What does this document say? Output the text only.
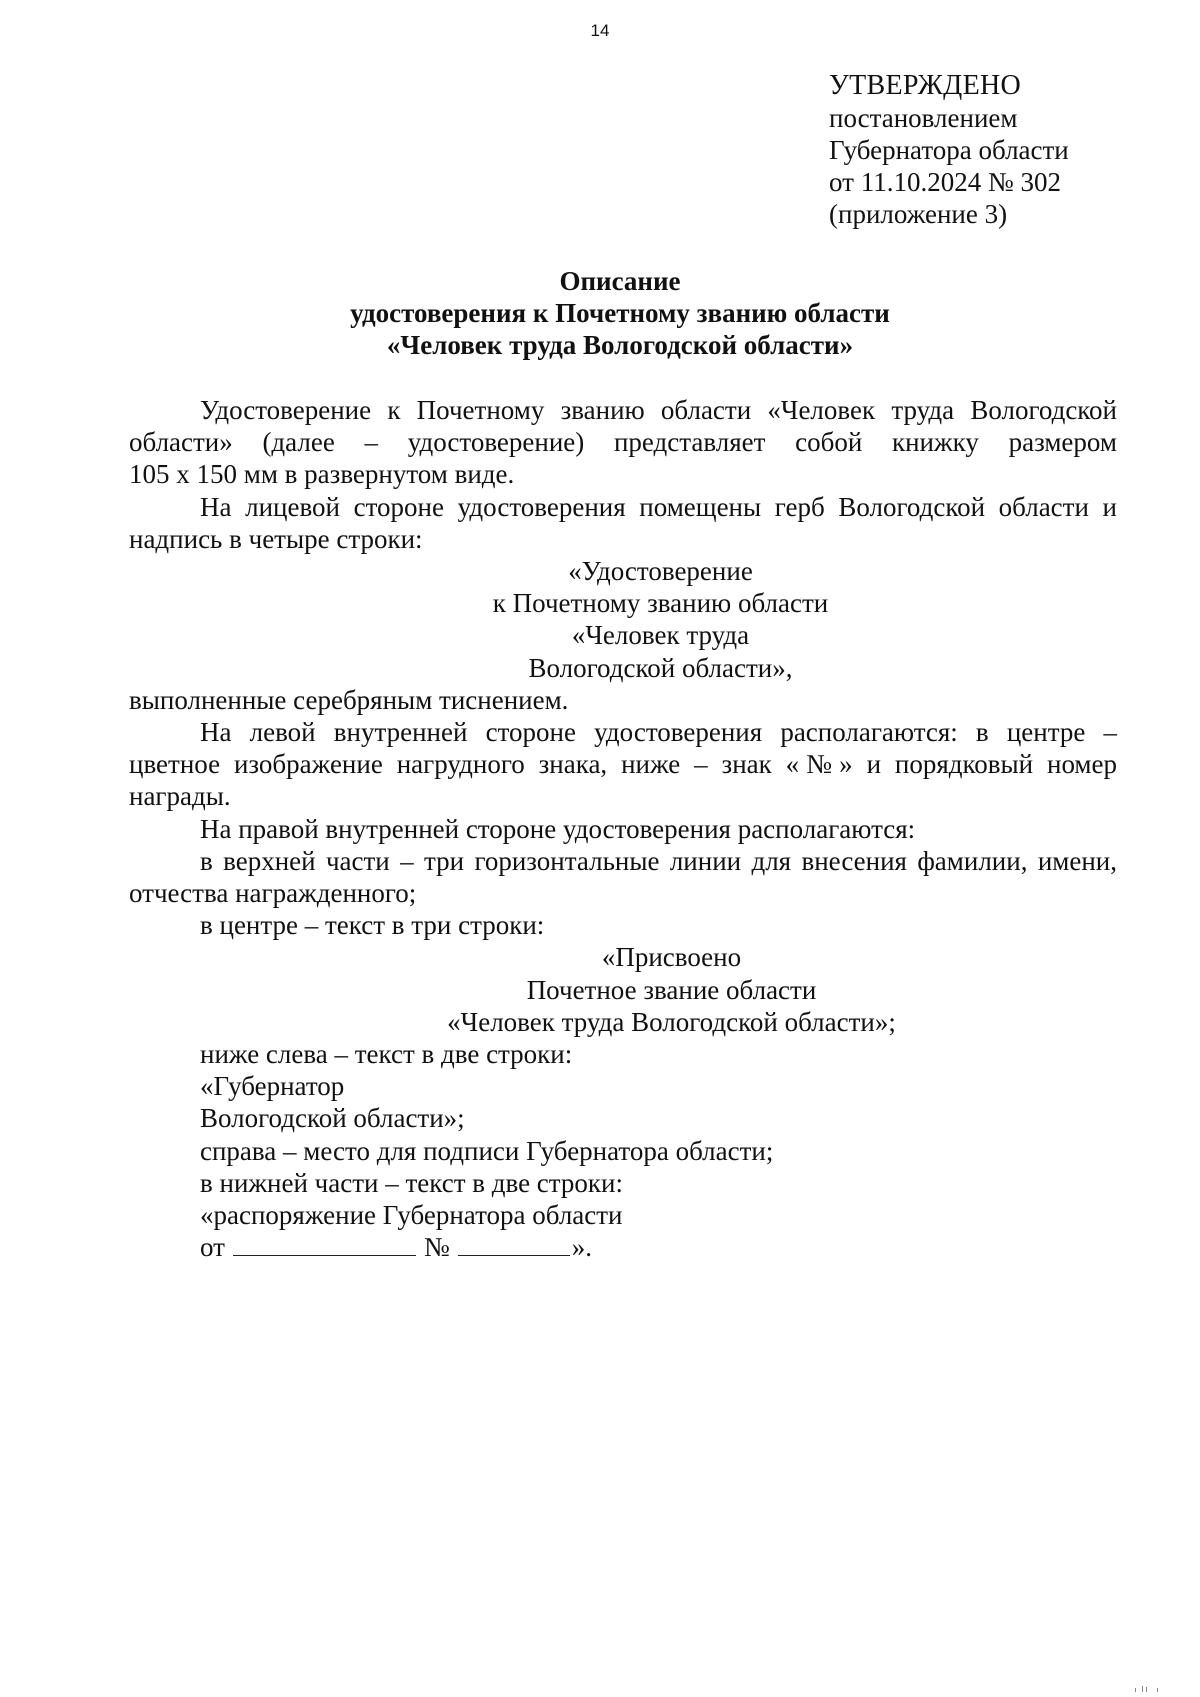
14
УТВЕРЖДЕНО
постановлением
Губернатора области
от 11.10.2024 № 302
(приложение 3)
Описание
удостоверения к Почетному званию области
«Человек труда Вологодской области»
Удостоверение к Почетному званию области «Человек труда Вологодской области» (далее – удостоверение) представляет собой книжку размером
105 х 150 мм в развернутом виде.
На лицевой стороне удостоверения помещены герб Вологодской области и надпись в четыре строки:
«Удостоверение
к Почетному званию области
«Человек труда
Вологодской области»,
выполненные серебряным тиснением.
На левой внутренней стороне удостоверения располагаются: в центре – цветное изображение нагрудного знака, ниже – знак «№» и порядковый номер награды.
На правой внутренней стороне удостоверения располагаются:
в верхней части – три горизонтальные линии для внесения фамилии, имени, отчества награжденного;
в центре – текст в три строки:
«Присвоено
Почетное звание области
«Человек труда Вологодской области»;
ниже слева – текст в две строки:
«Губернатор
Вологодской области»;
справа – место для подписи Губернатора области;
в нижней части – текст в две строки:
«распоряжение Губернатора области
от	№	».
